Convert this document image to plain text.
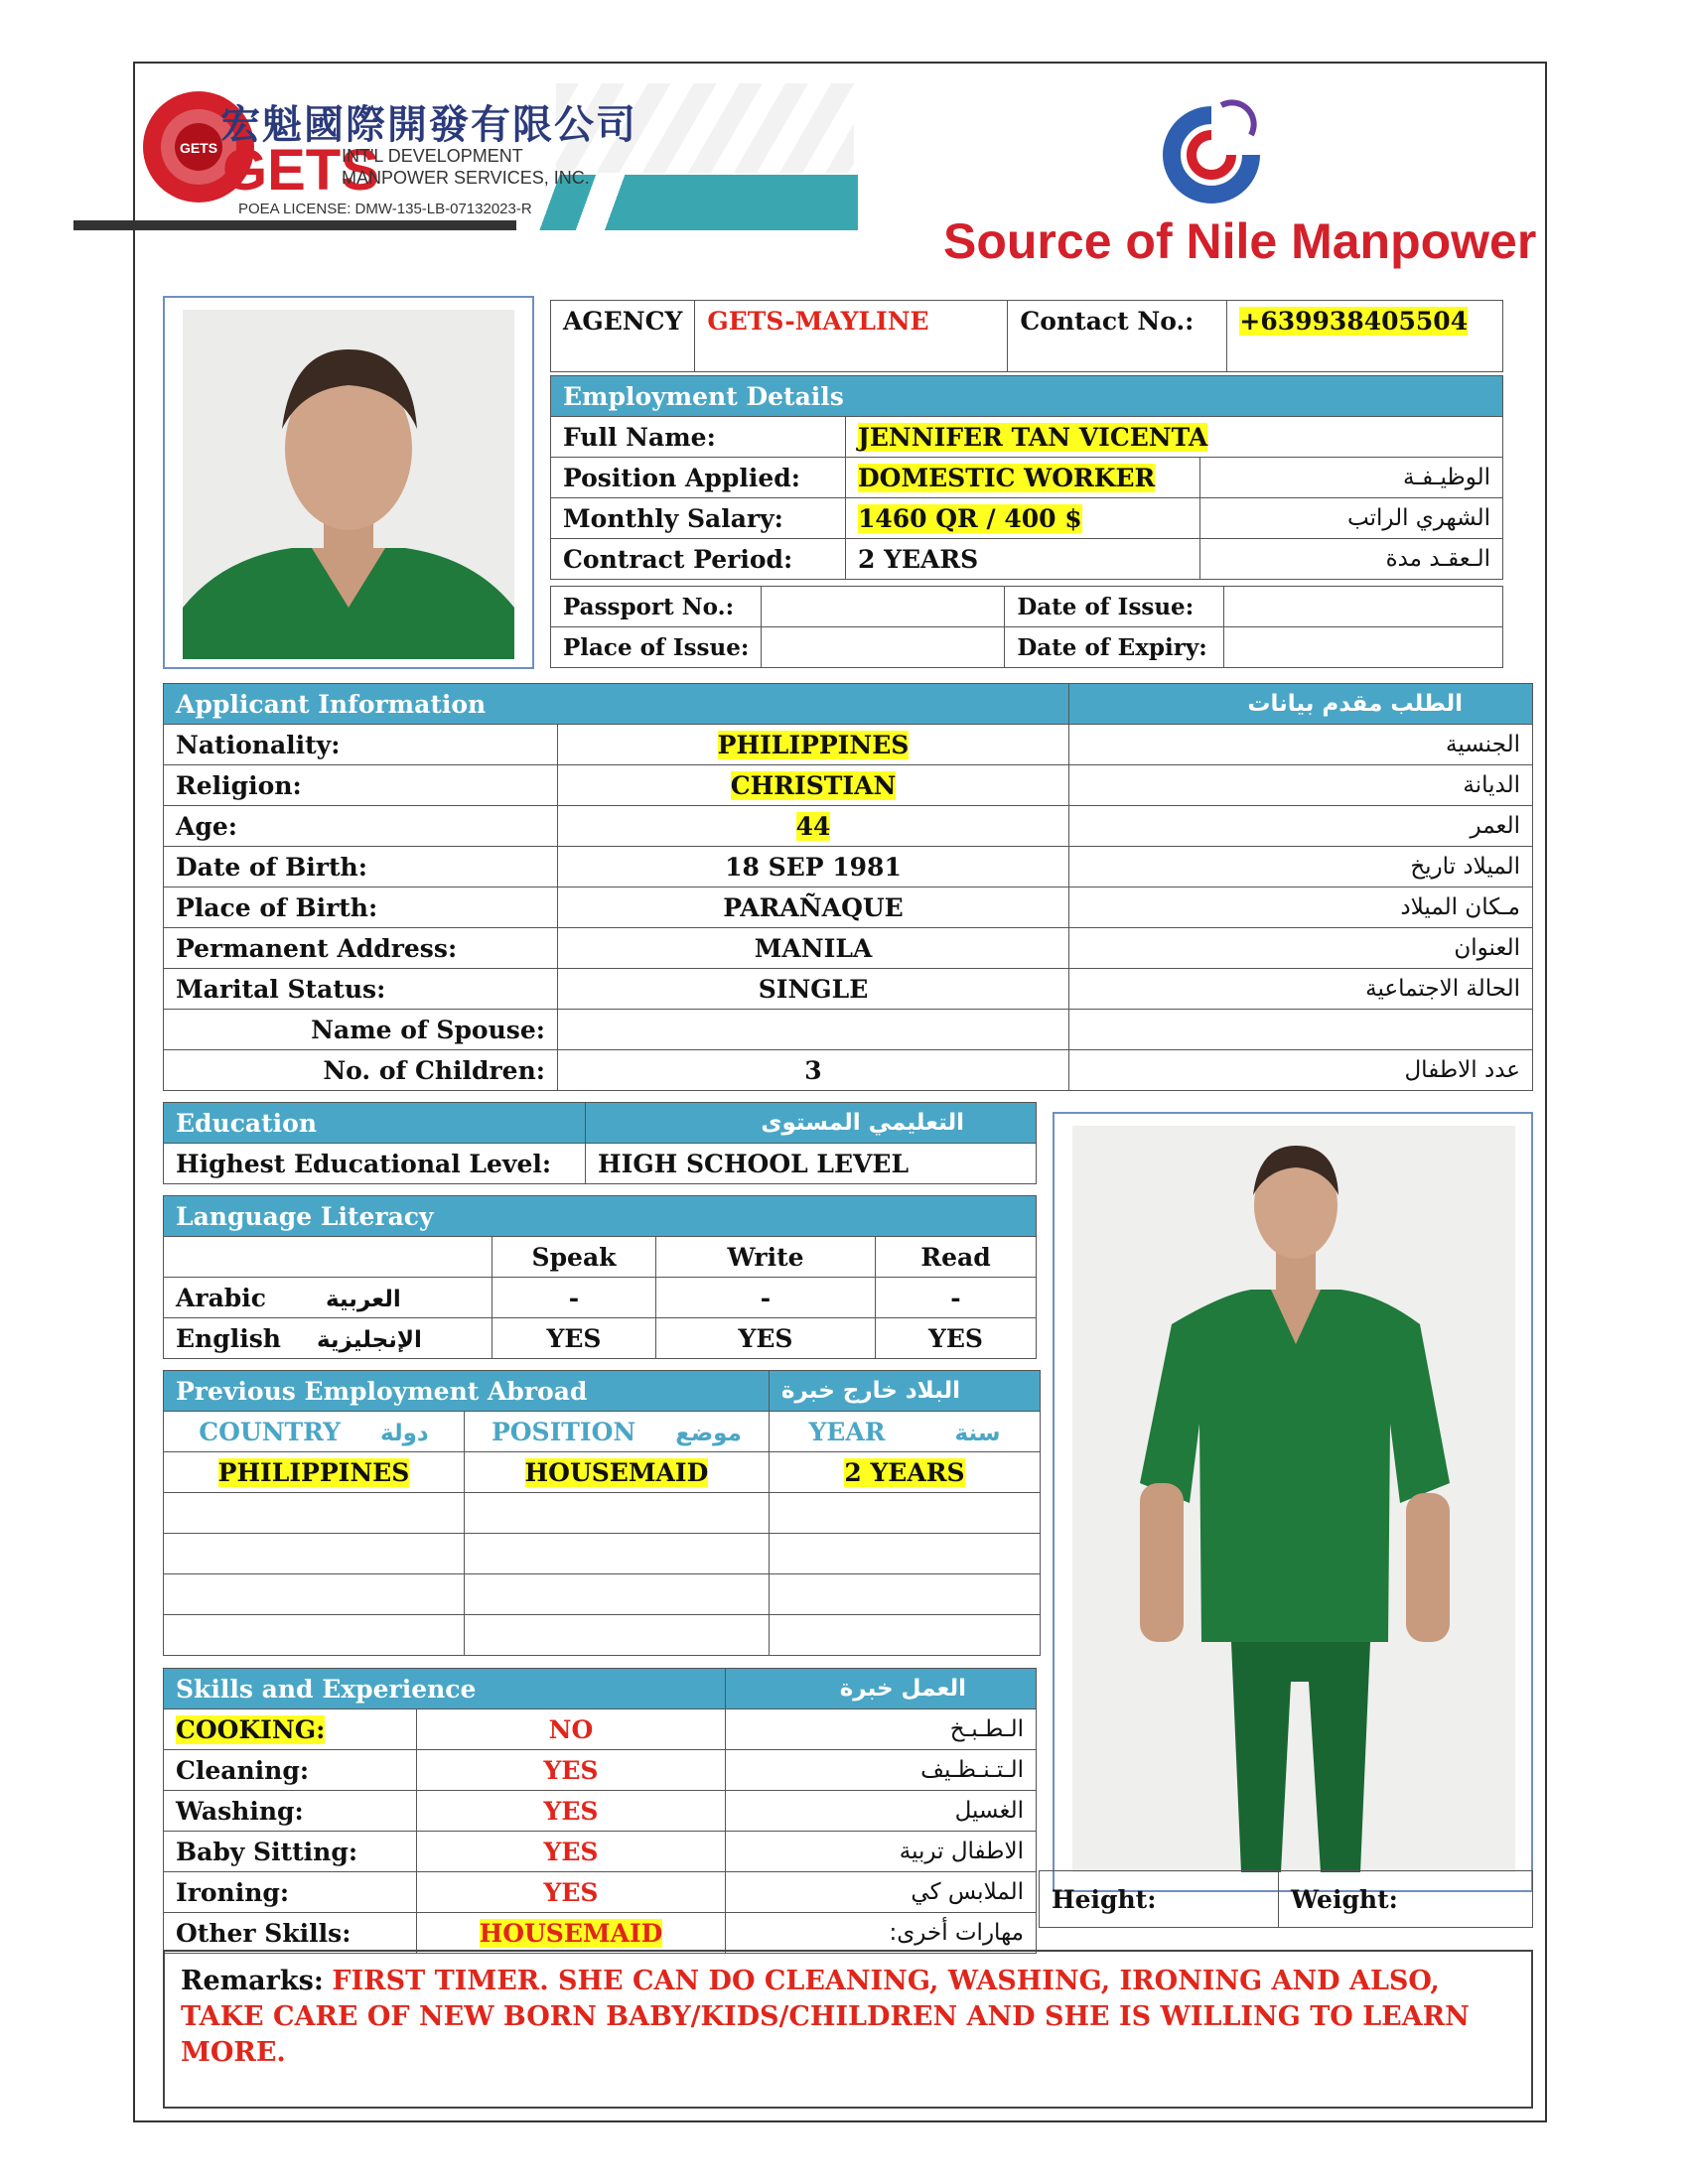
GETS 宏魁國際開發有限公司
GETS
INT'L DEVELOPMENT
MANPOWER SERVICES, INC.
POEA LICENSE: DMW-135-LB-07132023-R
Source of Nile Manpower
AGENCY	GETS-MAYLINE	Contact No.:	+639938405504
Employment Details		
Full Name:	JENNIFER TAN VICENTA	
Position Applied:	DOMESTIC WORKER	الوظيـفـة
Monthly Salary:	1460 QR / 400 $	الشهري الراتب
Contract Period:	2 YEARS	الـعقـد مدة
Passport No.:		Date of Issue:	
Place of Issue:		Date of Expiry:	
Applicant Information		الطلب مقدم بيانات
Nationality:	PHILIPPINES	الجنسية
Religion:	CHRISTIAN	الديانة
Age:	44	العمر
Date of Birth:	18 SEP 1981	الميلاد تاريخ
Place of Birth:	PARAÑAQUE	مـكان الميلاد
Permanent Address:	MANILA	العنوان
Marital Status:	SINGLE	الحالة الاجتماعية
Name of Spouse:		
No. of Children:	3	عدد الاطفال
Education	التعليمي المستوى
Highest Educational Level:	HIGH SCHOOL LEVEL
Language Literacy			
	Speak	Write	Read
Arabic العربية	-	-	-
English الإنجليزية	YES	YES	YES
Previous Employment Abroad		البلاد خارج خبرة
COUNTRY دولة	POSITION موضع	YEAR سنة
PHILIPPINES	HOUSEMAID	2 YEARS

Skills and Experience		العمل خبرة
COOKING:	NO	الـطـبـخ
Cleaning:	YES	الـتـنـظـيف
Washing:	YES	الغسيل
Baby Sitting:	YES	الاطفال تربية
Ironing:	YES	الملابس كي
Other Skills:	HOUSEMAID	مهارات أخرى:
Height:	Weight:
Remarks: FIRST TIMER. SHE CAN DO CLEANING, WASHING, IRONING AND ALSO, TAKE CARE OF NEW BORN BABY/KIDS/CHILDREN AND SHE IS WILLING TO LEARN MORE.
